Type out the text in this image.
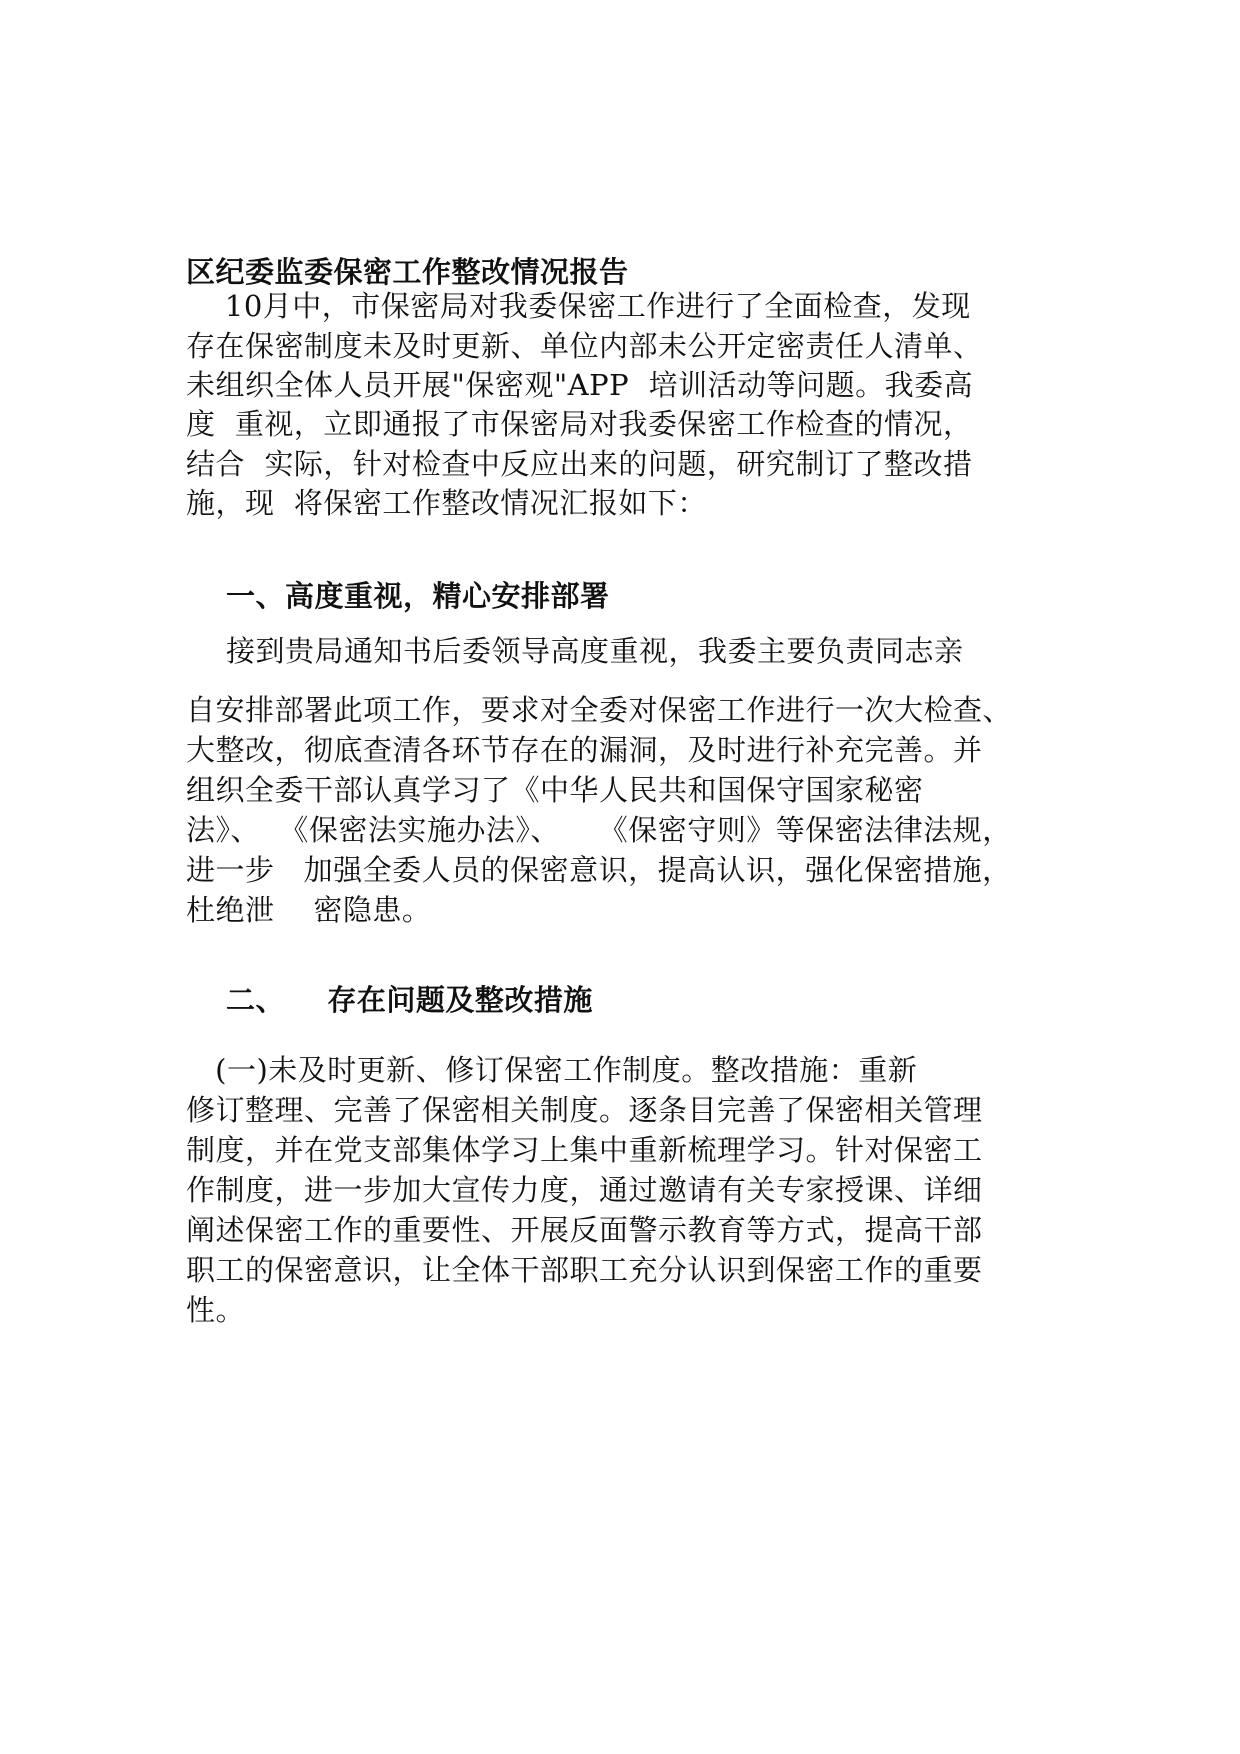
区纪委监委保密工作整改情况报告
10月中，市保密局对我委保密工作进行了全面检查，发现
存在保密制度未及时更新、单位内部未公开定密责任人清单、
未组织全体人员开展"保密观"APP  培训活动等问题。我委高
度  重视，立即通报了市保密局对我委保密工作检查的情况，
结合  实际，针对检查中反应出来的问题，研究制订了整改措
施，现  将保密工作整改情况汇报如下：
一、高度重视，精心安排部署
接到贵局通知书后委领导高度重视，我委主要负责同志亲
自安排部署此项工作，要求对全委对保密工作进行一次大检查、
大整改，彻底查清各环节存在的漏洞，及时进行补充完善。并
组织全委干部认真学习了《中华人民共和国保守国家秘密
法》、  《保密法实施办法》、    《保密守则》等保密法律法规，
进一步   加强全委人员的保密意识，提高认识，强化保密措施，
杜绝泄    密隐患。
二、    存在问题及整改措施
(一)未及时更新、修订保密工作制度。整改措施：重新
修订整理、完善了保密相关制度。逐条目完善了保密相关管理
制度，并在党支部集体学习上集中重新梳理学习。针对保密工
作制度，进一步加大宣传力度，通过邀请有关专家授课、详细
阐述保密工作的重要性、开展反面警示教育等方式，提高干部
职工的保密意识，让全体干部职工充分认识到保密工作的重要
性。
